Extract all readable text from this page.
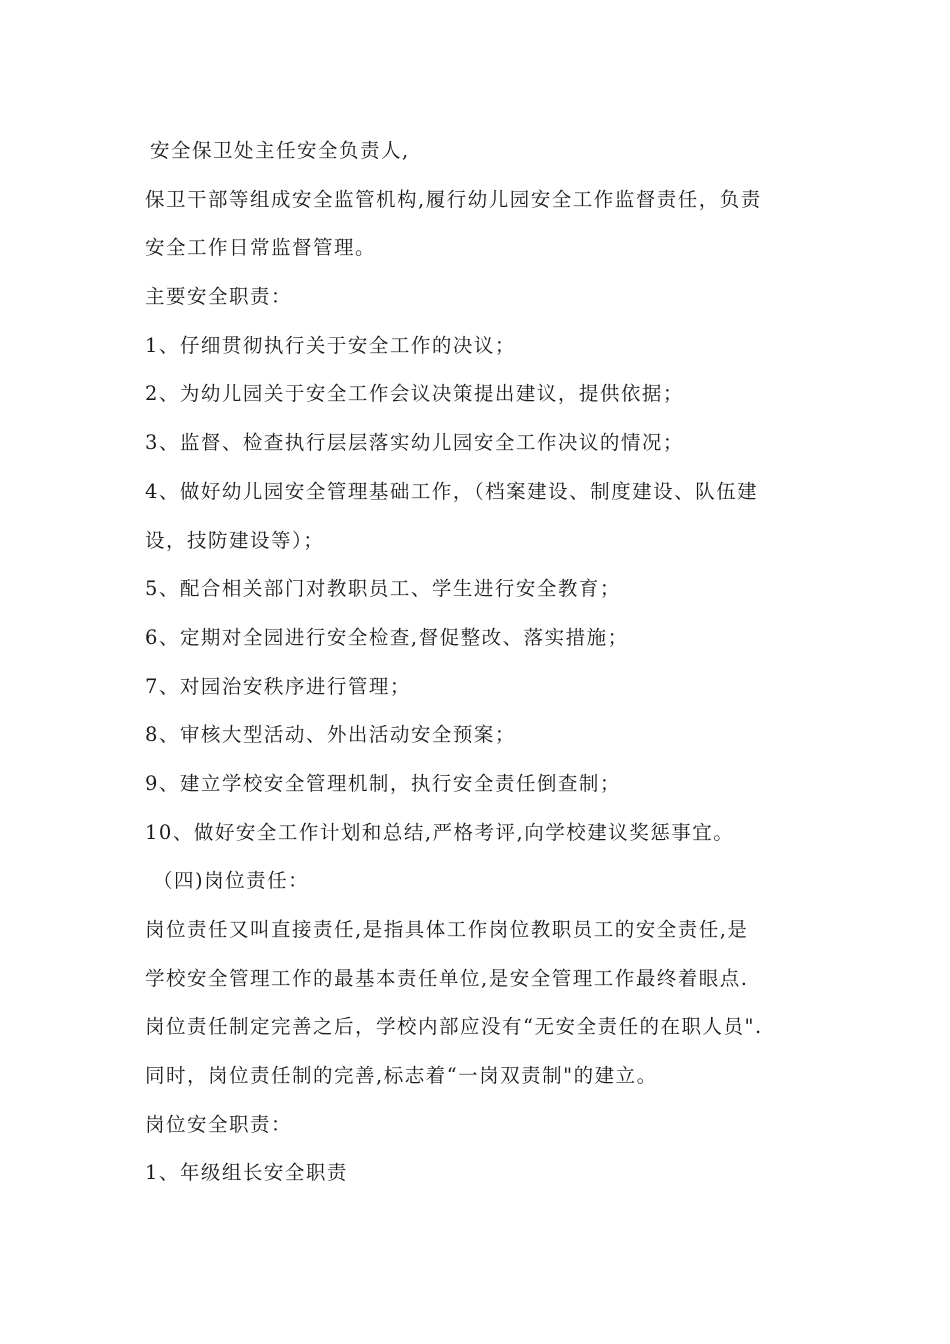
安全保卫处主任安全负责人,
保卫干部等组成安全监管机构,履行幼儿园安全工作监督责任，负责
安全工作日常监督管理。
主要安全职责：
1、仔细贯彻执行关于安全工作的决议；
2、为幼儿园关于安全工作会议决策提出建议，提供依据；
3、监督、检查执行层层落实幼儿园安全工作决议的情况；
4、做好幼儿园安全管理基础工作，（档案建设、制度建设、队伍建
设，技防建设等）；
5、配合相关部门对教职员工、学生进行安全教育；
6、定期对全园进行安全检查,督促整改、落实措施；
7、对园治安秩序进行管理；
8、审核大型活动、外出活动安全预案；
9、建立学校安全管理机制，执行安全责任倒查制；
10、做好安全工作计划和总结,严格考评,向学校建议奖惩事宜。
（四)岗位责任：
岗位责任又叫直接责任,是指具体工作岗位教职员工的安全责任,是
学校安全管理工作的最基本责任单位,是安全管理工作最终着眼点.
岗位责任制定完善之后，学校内部应没有“无安全责任的在职人员".
同时，岗位责任制的完善,标志着“一岗双责制"的建立。
岗位安全职责：
1、年级组长安全职责
